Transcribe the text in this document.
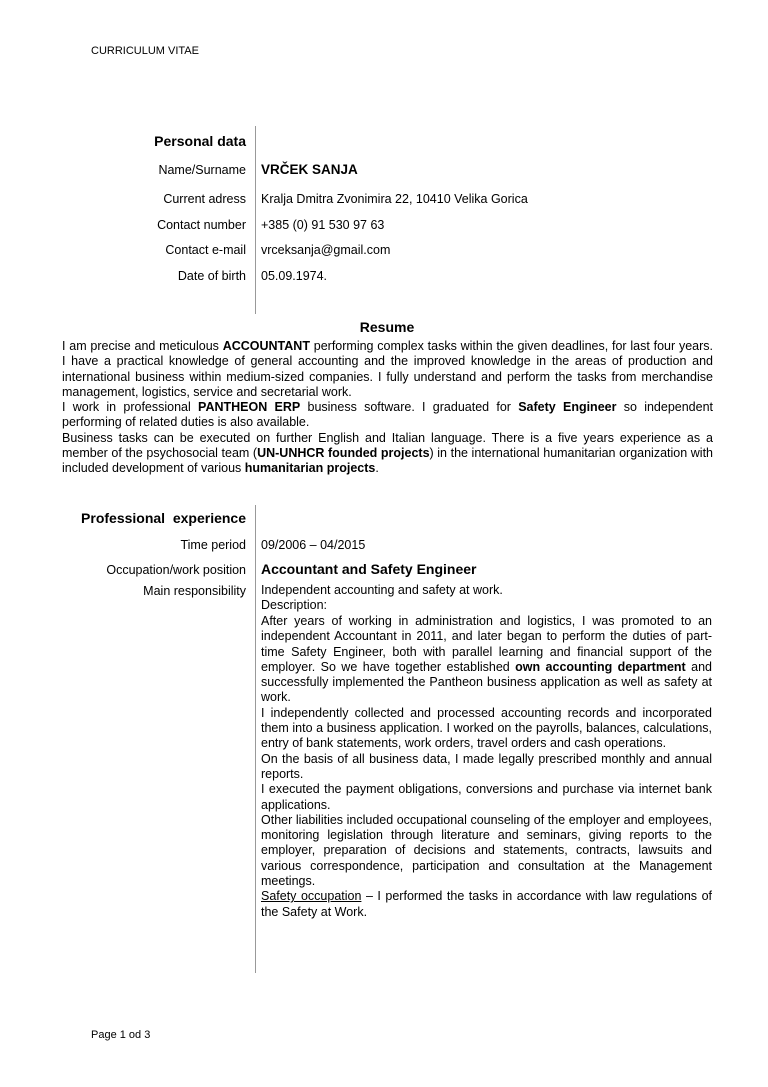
CURRICULUM VITAE
Personal data
Name/Surname VRČEK SANJA
Current adress Kralja Dmitra Zvonimira 22, 10410 Velika Gorica
Contact number +385 (0) 91 530 97 63
Contact e-mail vrceksanja@gmail.com
Date of birth 05.09.1974.
Resume
I am precise and meticulous ACCOUNTANT performing complex tasks within the given deadlines, for last four years. I have a practical knowledge of general accounting and the improved knowledge in the areas of production and international business within medium-sized companies. I fully understand and perform the tasks from merchandise management, logistics, service and secretarial work.
I work in professional PANTHEON ERP business software. I graduated for Safety Engineer so independent performing of related duties is also available.
Business tasks can be executed on further English and Italian language. There is a five years experience as a member of the psychosocial team (UN-UNHCR founded projects) in the international humanitarian organization with included development of various humanitarian projects.
Professional  experience
Time period 09/2006 – 04/2015
Occupation/work position Accountant and Safety Engineer
Main responsibility Independent accounting and safety at work.
Description:
After years of working in administration and logistics, I was promoted to an independent Accountant in 2011, and later began to perform the duties of part-time Safety Engineer, both with parallel learning and financial support of the employer. So we have together established own accounting department and successfully implemented the Pantheon business application as well as safety at work.
I independently collected and processed accounting records and incorporated them into a business application. I worked on the payrolls, balances, calculations, entry of bank statements, work orders, travel orders and cash operations.
On the basis of all business data, I made legally prescribed monthly and annual reports.
I executed the payment obligations, conversions and purchase via internet bank applications.
Other liabilities included occupational counseling of the employer and employees, monitoring legislation through literature and seminars, giving reports to the employer, preparation of decisions and statements, contracts, lawsuits and various correspondence, participation and consultation at the Management meetings.
Safety occupation – I performed the tasks in accordance with law regulations of the Safety at Work.
Page 1 od 3
